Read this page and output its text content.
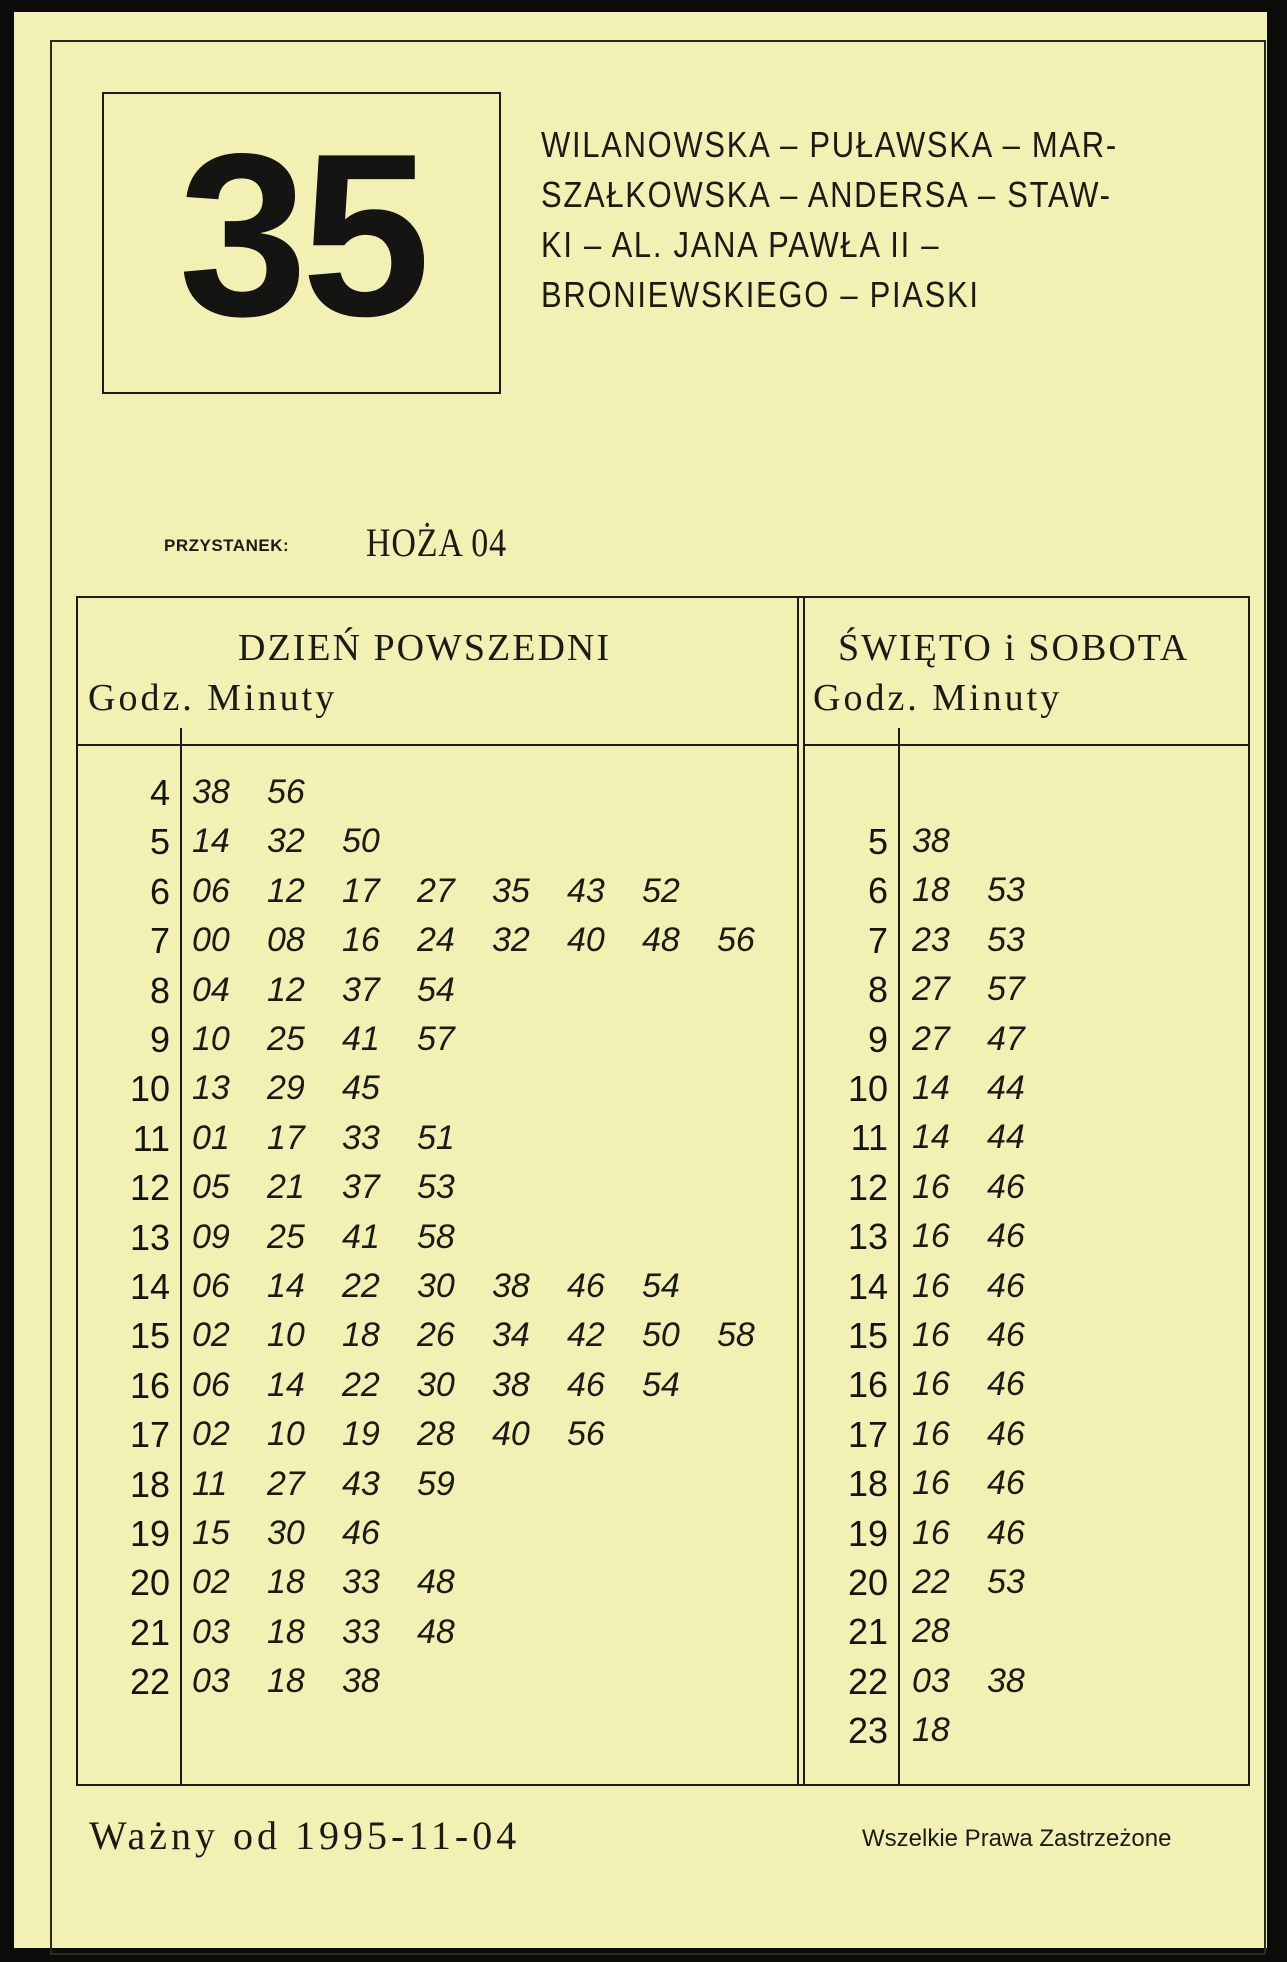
35	WILANOWSKA – PUŁAWSKA – MAR-
SZAŁKOWSKA – ANDERSA – STAW-
KI – AL. JANA PAWŁA II –
BRONIEWSKIEGO – PIASKI
PRZYSTANEK: HOŻA 04
DZIEŃ POWSZEDNI
Godz. Minuty
ŚWIĘTO i SOBOTA
Godz. Minuty
4 38 56
5 14 32 50
6 06 12 17 27 35 43 52
7 00 08 16 24 32 40 48 56
8 04 12 37 54
9 10 25 41 57
10 13 29 45
11 01 17 33 51
12 05 21 37 53
13 09 25 41 58
14 06 14 22 30 38 46 54
15 02 10 18 26 34 42 50 58
16 06 14 22 30 38 46 54
17 02 10 19 28 40 56
18 11 27 43 59
19 15 30 46
20 02 18 33 48
21 03 18 33 48
22 03 18 38
5 38
6 18 53
7 23 53
8 27 57
9 27 47
10 14 44
11 14 44
12 16 46
13 16 46
14 16 46
15 16 46
16 16 46
17 16 46
18 16 46
19 16 46
20 22 53
21 28
22 03 38
23 18
Ważny od 1995-11-04	Wszelkie Prawa Zastrzeżone
